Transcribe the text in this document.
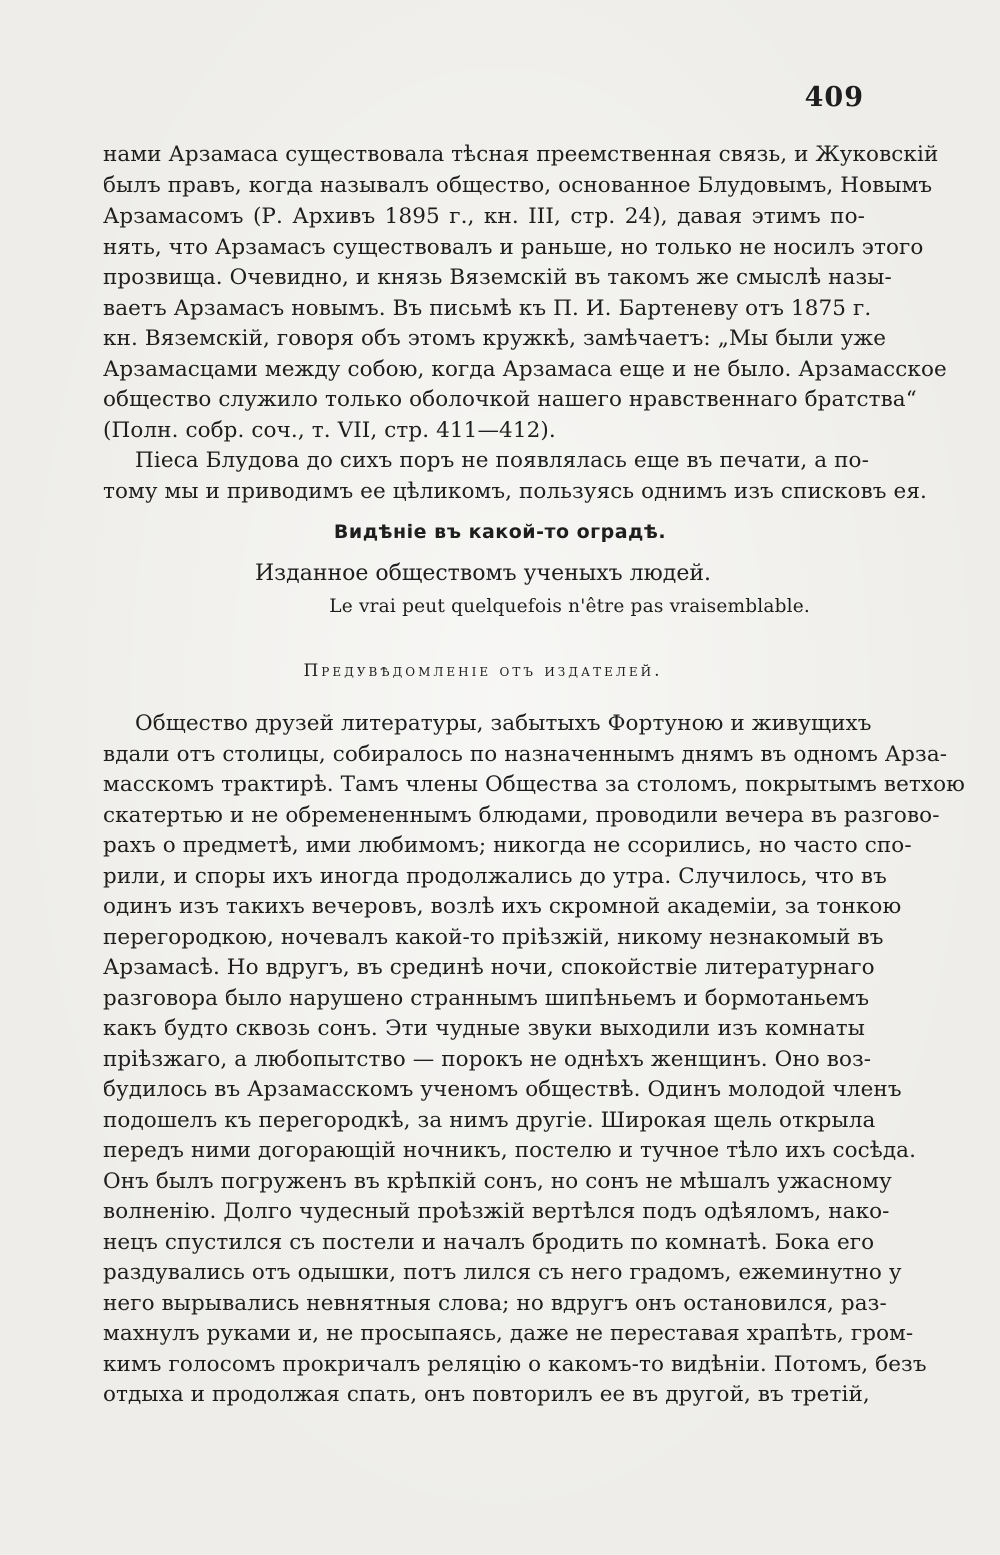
409
нами Арзамаса существовала тѣсная преемственная связь, и Жуковскій
былъ правъ, когда называлъ общество, основанное Блудовымъ, Новымъ
Арзамасомъ (Р. Архивъ 1895 г., кн. III, стр. 24), давая этимъ по-
нять, что Арзамасъ существовалъ и раньше, но только не носилъ этого
прозвища. Очевидно, и князь Вяземскій въ такомъ же смыслѣ назы-
ваетъ Арзамасъ новымъ. Въ письмѣ къ П. И. Бартеневу отъ 1875 г.
кн. Вяземскій, говоря объ этомъ кружкѣ, замѣчаетъ: „Мы были уже
Арзамасцами между собою, когда Арзамаса еще и не было. Арзамасское
общество служило только оболочкой нашего нравственнаго братства“
(Полн. собр. соч., т. VII, стр. 411—412).
Піеса Блудова до сихъ поръ не появлялась еще въ печати, а по-
тому мы и приводимъ ее цѣликомъ, пользуясь однимъ изъ списковъ ея.
Видѣніе въ какой-то оградѣ.
Изданное обществомъ ученыхъ людей.
Le vrai peut quelquefois n'être pas vraisemblable.
Предувѣдомленіе отъ издателей.
Общество друзей литературы, забытыхъ Фортуною и живущихъ
вдали отъ столицы, собиралось по назначеннымъ днямъ въ одномъ Арза-
масскомъ трактирѣ. Тамъ члены Общества за столомъ, покрытымъ ветхою
скатертью и не обремененнымъ блюдами, проводили вечера въ разгово-
рахъ о предметѣ, ими любимомъ; никогда не ссорились, но часто спо-
рили, и споры ихъ иногда продолжались до утра. Случилось, что въ
одинъ изъ такихъ вечеровъ, возлѣ ихъ скромной академіи, за тонкою
перегородкою, ночевалъ какой-то пріѣзжій, никому незнакомый въ
Арзамасѣ. Но вдругъ, въ срединѣ ночи, спокойствіе литературнаго
разговора было нарушено страннымъ шипѣньемъ и бормотаньемъ
какъ будто сквозь сонъ. Эти чудные звуки выходили изъ комнаты
пріѣзжаго, а любопытство — порокъ не однѣхъ женщинъ. Оно воз-
будилось въ Арзамасскомъ ученомъ обществѣ. Одинъ молодой членъ
подошелъ къ перегородкѣ, за нимъ другіе. Широкая щель открыла
передъ ними догорающій ночникъ, постелю и тучное тѣло ихъ сосѣда.
Онъ былъ погруженъ въ крѣпкій сонъ, но сонъ не мѣшалъ ужасному
волненію. Долго чудесный проѣзжій вертѣлся подъ одѣяломъ, нако-
нецъ спустился съ постели и началъ бродить по комнатѣ. Бока его
раздувались отъ одышки, потъ лился съ него градомъ, ежеминутно у
него вырывались невнятныя слова; но вдругъ онъ остановился, раз-
махнулъ руками и, не просыпаясь, даже не переставая храпѣть, гром-
кимъ голосомъ прокричалъ реляцію о какомъ-то видѣніи. Потомъ, безъ
отдыха и продолжая спать, онъ повторилъ ее въ другой, въ третій,
